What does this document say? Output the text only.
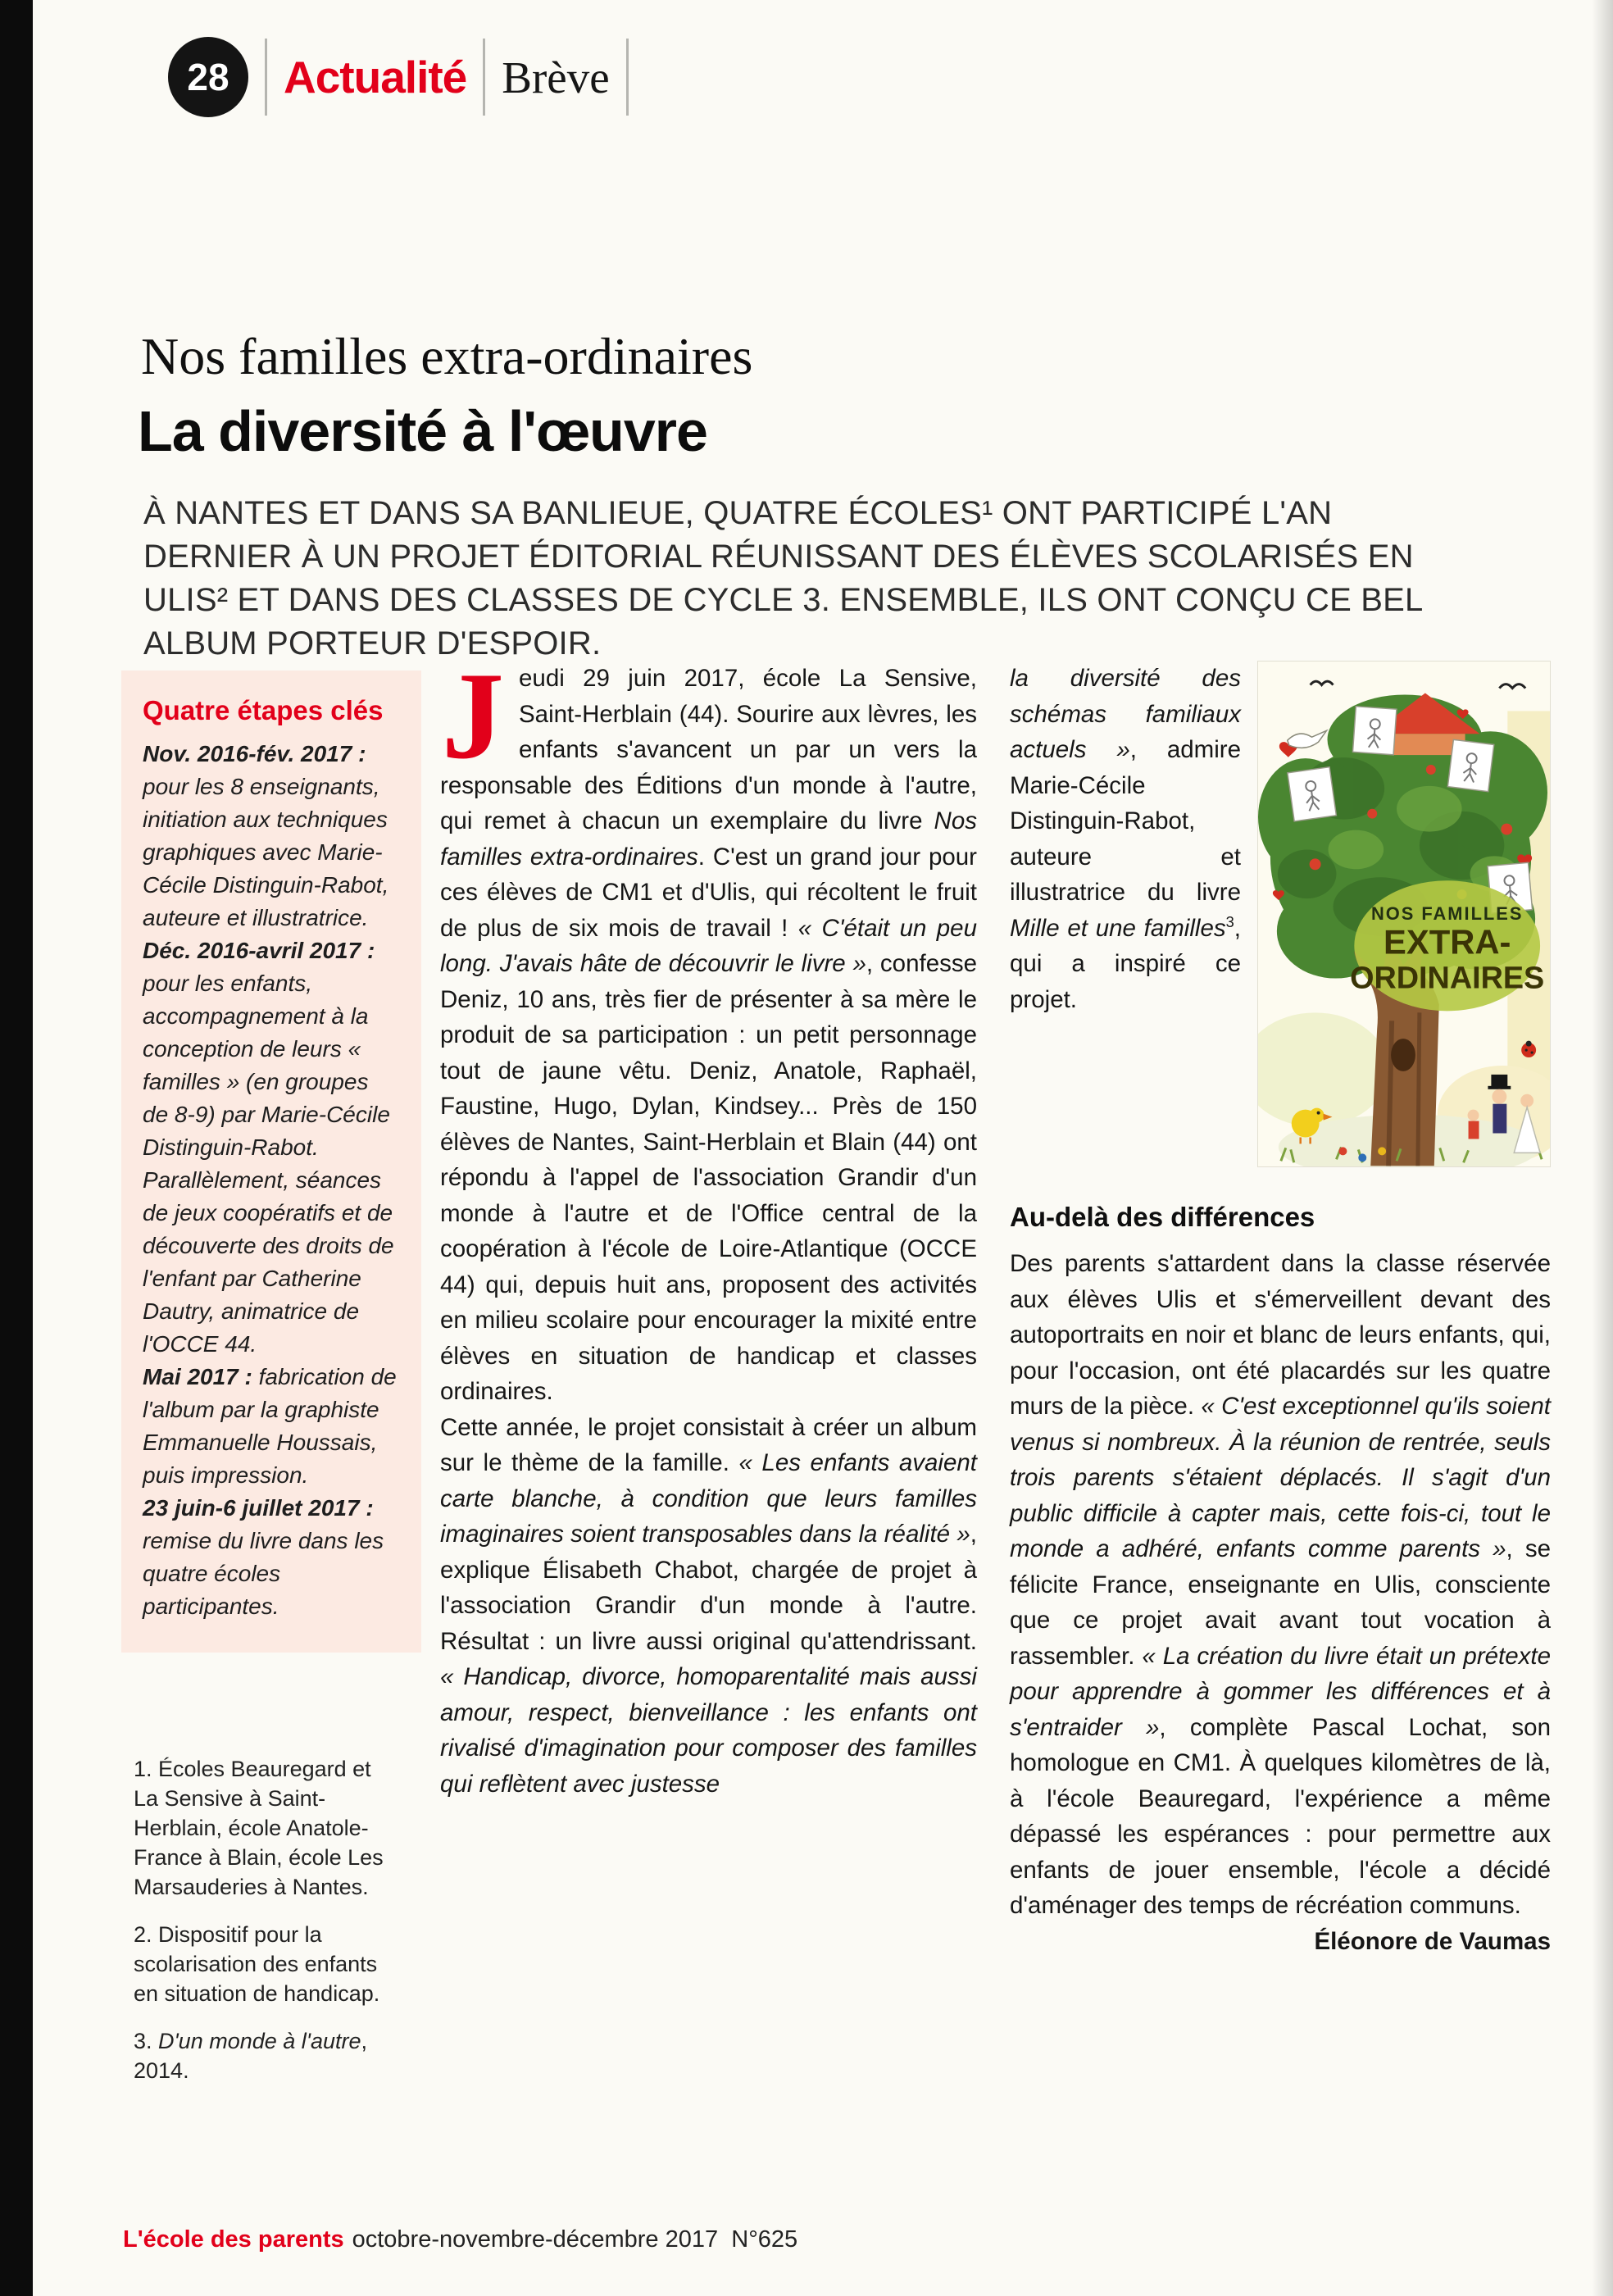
28	Actualité Brève
Nos familles extra-ordinaires
La diversité à l'œuvre

À NANTES ET DANS SA BANLIEUE, QUATRE ÉCOLES¹ ONT PARTICIPÉ L'AN DERNIER À UN PROJET ÉDITORIAL RÉUNISSANT DES ÉLÈVES SCOLARISÉS EN ULIS² ET DANS DES CLASSES DE CYCLE 3. ENSEMBLE, ILS ONT CONÇU CE BEL ALBUM PORTEUR D'ESPOIR.

Quatre étapes clés

Nov. 2016-fév. 2017 : pour les 8 enseignants, initiation aux techniques graphiques avec Marie-Cécile Distinguin-Rabot, auteure et illustratrice.

Déc. 2016-avril 2017 : pour les enfants, accompagnement à la conception de leurs « familles » (en groupes de 8-9) par Marie-Cécile Distinguin-Rabot. Parallèlement, séances de jeux coopératifs et de découverte des droits de l'enfant par Catherine Dautry, animatrice de l'OCCE 44.

Mai 2017 : fabrication de l'album par la graphiste Emmanuelle Houssais, puis impression.

23 juin-6 juillet 2017 : remise du livre dans les quatre écoles participantes.

1. Écoles Beauregard et La Sensive à Saint-Herblain, école Anatole-France à Blain, école Les Marsauderies à Nantes.

2. Dispositif pour la scolarisation des enfants en situation de handicap.

3. D'un monde à l'autre, 2014.

Jeudi 29 juin 2017, école La Sensive, Saint-Herblain (44). Sourire aux lèvres, les enfants s'avancent un par un vers la responsable des Éditions d'un monde à l'autre, qui remet à chacun un exemplaire du livre Nos familles extra-ordinaires. C'est un grand jour pour ces élèves de CM1 et d'Ulis, qui récoltent le fruit de plus de six mois de travail ! « C'était un peu long. J'avais hâte de découvrir le livre », confesse Deniz, 10 ans, très fier de présenter à sa mère le produit de sa participation : un petit personnage tout de jaune vêtu. Deniz, Anatole, Raphaël, Faustine, Hugo, Dylan, Kindsey... Près de 150 élèves de Nantes, Saint-Herblain et Blain (44) ont répondu à l'appel de l'association Grandir d'un monde à l'autre et de l'Office central de la coopération à l'école de Loire-Atlantique (OCCE 44) qui, depuis huit ans, proposent des activités en milieu scolaire pour encourager la mixité entre élèves en situation de handicap et classes ordinaires.

Cette année, le projet consistait à créer un album sur le thème de la famille. « Les enfants avaient carte blanche, à condition que leurs familles imaginaires soient transposables dans la réalité », explique Élisabeth Chabot, chargée de projet à l'association Grandir d'un monde à l'autre. Résultat : un livre aussi original qu'attendrissant. « Handicap, divorce, homoparentalité mais aussi amour, respect, bienveillance : les enfants ont rivalisé d'imagination pour composer des familles qui reflètent avec justesse

la diversité des schémas familiaux actuels », admire Marie-Cécile Distinguin-Rabot, auteure et illustratrice du livre Mille et une familles$^3$, qui a inspiré ce projet.

NOS FAMILLES
EXTRA-
ORDINAIRES
Au-delà des différences

Des parents s'attardent dans la classe réservée aux élèves Ulis et s'émerveillent devant des autoportraits en noir et blanc de leurs enfants, qui, pour l'occasion, ont été placardés sur les quatre murs de la pièce. « C'est exceptionnel qu'ils soient venus si nombreux. À la réunion de rentrée, seuls trois parents s'étaient déplacés. Il s'agit d'un public difficile à capter mais, cette fois-ci, tout le monde a adhéré, enfants comme parents », se félicite France, enseignante en Ulis, consciente que ce projet avait avant tout vocation à rassembler. « La création du livre était un prétexte pour apprendre à gommer les différences et à s'entraider », complète Pascal Lochat, son homologue en CM1. À quelques kilomètres de là, à l'école Beauregard, l'expérience a même dépassé les espérances : pour permettre aux enfants de jouer ensemble, l'école a décidé d'aménager des temps de récréation communs.
Éléonore de Vaumas

L'école des parents octobre-novembre-décembre 2017  N°625
